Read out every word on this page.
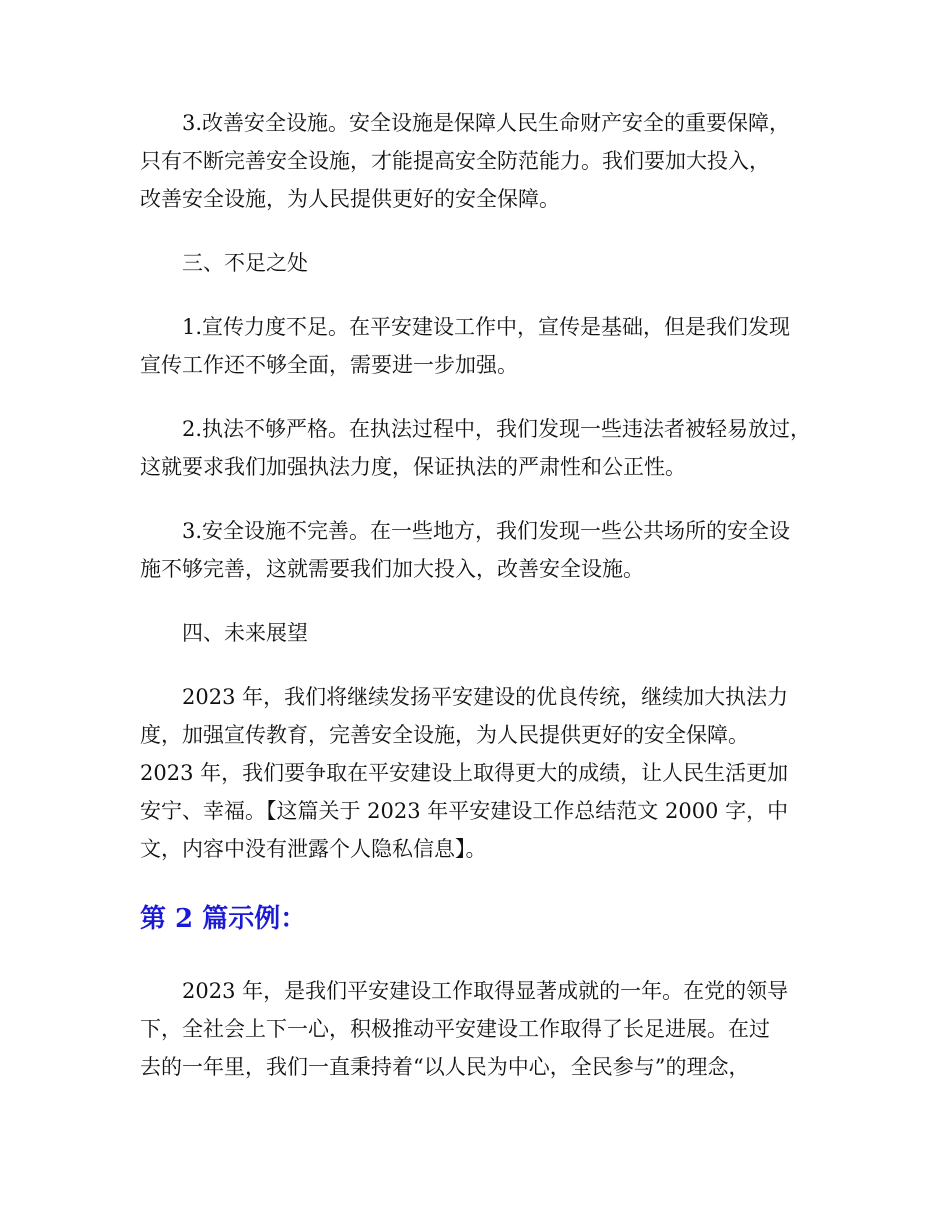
3.改善安全设施。安全设施是保障人民生命财产安全的重要保障，
只有不断完善安全设施，才能提高安全防范能力。我们要加大投入，
改善安全设施，为人民提供更好的安全保障。

三、不足之处

1.宣传力度不足。在平安建设工作中，宣传是基础，但是我们发现
宣传工作还不够全面，需要进一步加强。

2.执法不够严格。在执法过程中，我们发现一些违法者被轻易放过，
这就要求我们加强执法力度，保证执法的严肃性和公正性。

3.安全设施不完善。在一些地方，我们发现一些公共场所的安全设
施不够完善，这就需要我们加大投入，改善安全设施。

四、未来展望

2023 年，我们将继续发扬平安建设的优良传统，继续加大执法力
度，加强宣传教育，完善安全设施，为人民提供更好的安全保障。
2023 年，我们要争取在平安建设上取得更大的成绩，让人民生活更加
安宁、幸福。【这篇关于 2023 年平安建设工作总结范文 2000 字，中
文，内容中没有泄露个人隐私信息】。

第 2 篇示例：

2023 年，是我们平安建设工作取得显著成就的一年。在党的领导
下，全社会上下一心，积极推动平安建设工作取得了长足进展。在过
去的一年里，我们一直秉持着“以人民为中心，全民参与”的理念，
